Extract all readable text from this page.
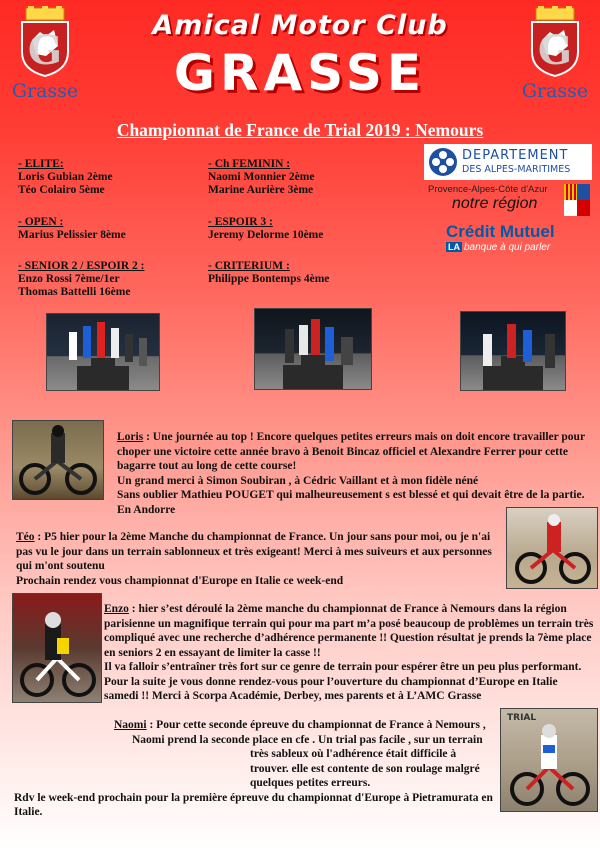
G
Grasse
G
Grasse
Amical Motor Club
GRASSE
Championnat de France de Trial 2019 : Nemours
- ELITE:
Loris Gubian 2ème
Téo Colairo 5ème
- OPEN :
Marius Pelissier 8ème
- SENIOR 2 / ESPOIR 2 :
Enzo Rossi 7ème/1er
Thomas Battelli 16ème
- Ch FEMININ :
Naomi Monnier 2ème
Marine Aurière 3ème
- ESPOIR 3 :
Jeremy Delorme 10ème
- CRITERIUM :
Philippe Bontemps 4ème
DEPARTEMENT
DES ALPES-MARITIMES
Provence-Alpes-Côte d'Azur
notre région
Crédit Mutuel
LA banque à qui parler

Loris : Une journée au top ! Encore quelques petites erreurs mais on doit encore travailler pour choper une victoire cette année bravo à Benoit Bincaz officiel et Alexandre Ferrer pour cette bagarre tout au long de cette course!

Un grand merci à Simon Soubiran , à Cédric Vaillant et à mon fidèle néné

Sans oublier Mathieu POUGET qui malheureusement s est blessé et qui devait être de la partie.

En Andorre

Téo : P5 hier pour la 2ème Manche du championnat de France. Un jour sans pour moi, ou je n'ai pas vu le jour dans un terrain sablonneux et très exigeant! Merci à mes suiveurs et aux personnes qui m'ont soutenu

Prochain rendez vous championnat d'Europe en Italie ce week-end

Enzo : hier s’est déroulé la 2ème manche du championnat de France à Nemours dans la région parisienne un magnifique terrain qui pour ma part m’a posé beaucoup de problèmes un terrain très compliqué avec une recherche d’adhérence permanente !! Question résultat je prends la 7ème place en seniors 2 en essayant de limiter la casse !!

Il va falloir s’entraîner très fort sur ce genre de terrain pour espérer être un peu plus performant. Pour la suite je vous donne rendez-vous pour l’ouverture du championnat d’Europe en Italie samedi !! Merci à Scorpa Académie, Derbey, mes parents et à L’AMC Grasse

Naomi : Pour cette seconde épreuve du championnat de France à Nemours ,

Naomi prend la seconde place en cfe . Un trial pas facile , sur un terrain très sableux où l'adhérence était difficile à trouver. elle est contente de son roulage malgré quelques petites erreurs.

Rdv le week-end prochain pour la première épreuve du championnat d'Europe à Pietramurata en Italie.

TRIAL
